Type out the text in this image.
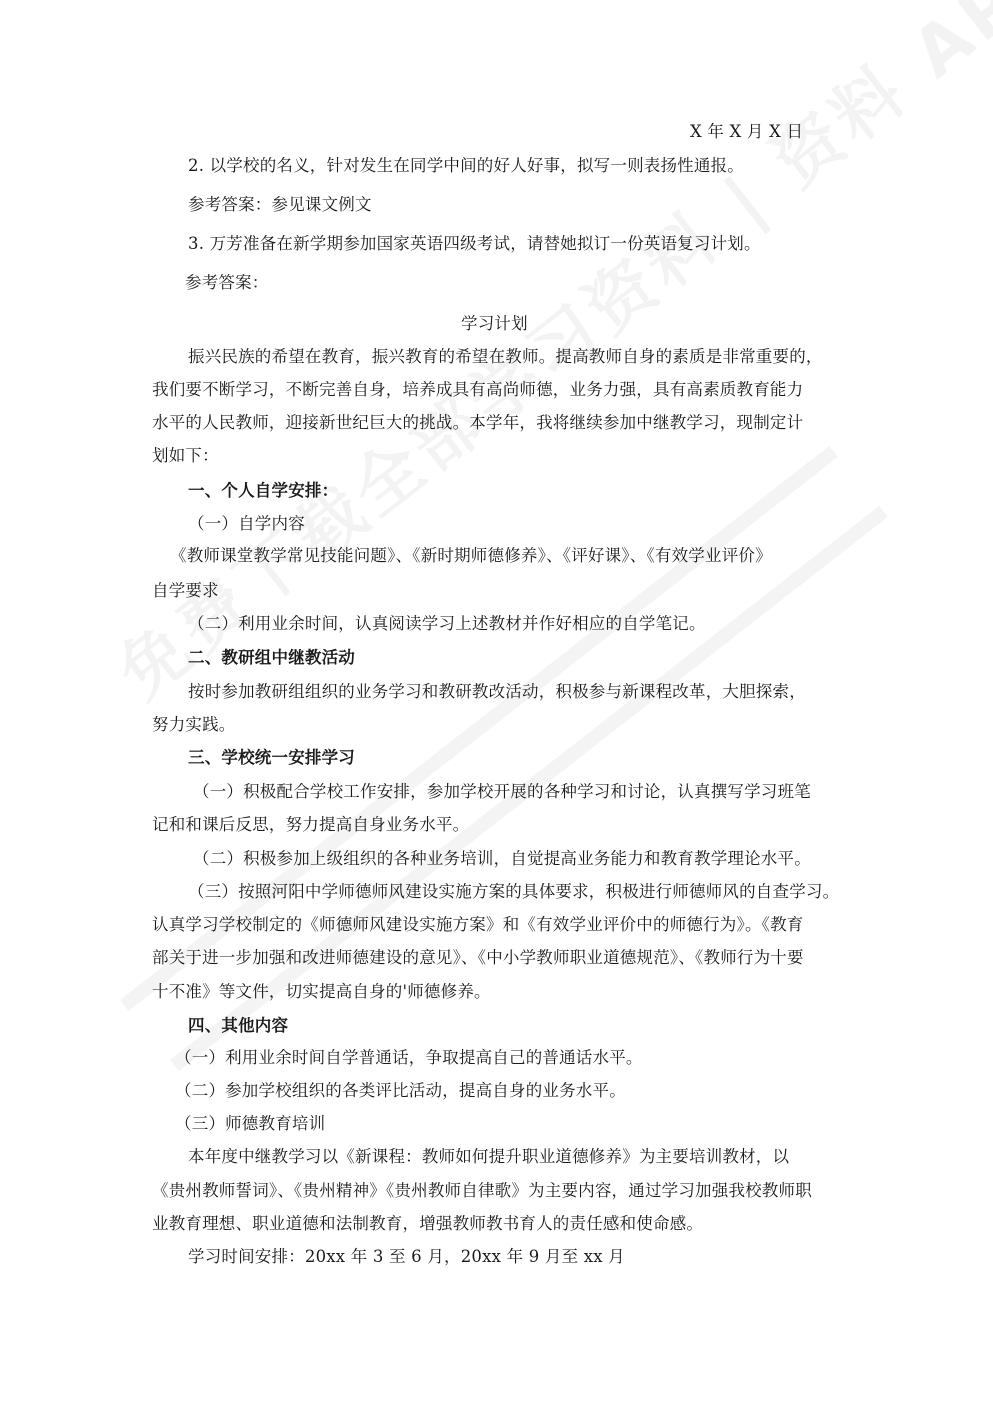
X 年 X 月 X 日
2. 以学校的名义，针对发生在同学中间的好人好事，拟写一则表扬性通报。
参考答案：参见课文例文
3. 万芳准备在新学期参加国家英语四级考试，请替她拟订一份英语复习计划。
参考答案：
学习计划
振兴民族的希望在教育，振兴教育的希望在教师。提高教师自身的素质是非常重要的，
我们要不断学习，不断完善自身，培养成具有高尚师德，业务力强，具有高素质教育能力
水平的人民教师，迎接新世纪巨大的挑战。本学年，我将继续参加中继教学习，现制定计
划如下：
一、个人自学安排：
（一）自学内容
《教师课堂教学常见技能问题》、《新时期师德修养》、《评好课》、《有效学业评价》
自学要求
（二）利用业余时间，认真阅读学习上述教材并作好相应的自学笔记。
二、教研组中继教活动
按时参加教研组组织的业务学习和教研教改活动，积极参与新课程改革，大胆探索，
努力实践。
三、学校统一安排学习
（一）积极配合学校工作安排，参加学校开展的各种学习和讨论，认真撰写学习班笔
记和和课后反思，努力提高自身业务水平。
（二）积极参加上级组织的各种业务培训，自觉提高业务能力和教育教学理论水平。
（三）按照河阳中学师德师风建设实施方案的具体要求，积极进行师德师风的自查学习。
认真学习学校制定的《师德师风建设实施方案》和《有效学业评价中的师德行为》。《教育
部关于进一步加强和改进师德建设的意见》、《中小学教师职业道德规范》、《教师行为十要
十不准》等文件，切实提高自身的'师德修养。
四、其他内容
（一）利用业余时间自学普通话，争取提高自己的普通话水平。
（二）参加学校组织的各类评比活动，提高自身的业务水平。
（三）师德教育培训
本年度中继教学习以《新课程：教师如何提升职业道德修养》为主要培训教材，以
《贵州教师誓词》、《贵州精神》《贵州教师自律歌》为主要内容，通过学习加强我校教师职
业教育理想、职业道德和法制教育，增强教师教书育人的责任感和使命感。
学习时间安排：20xx 年 3 至 6 月，20xx 年 9 月至 xx 月
